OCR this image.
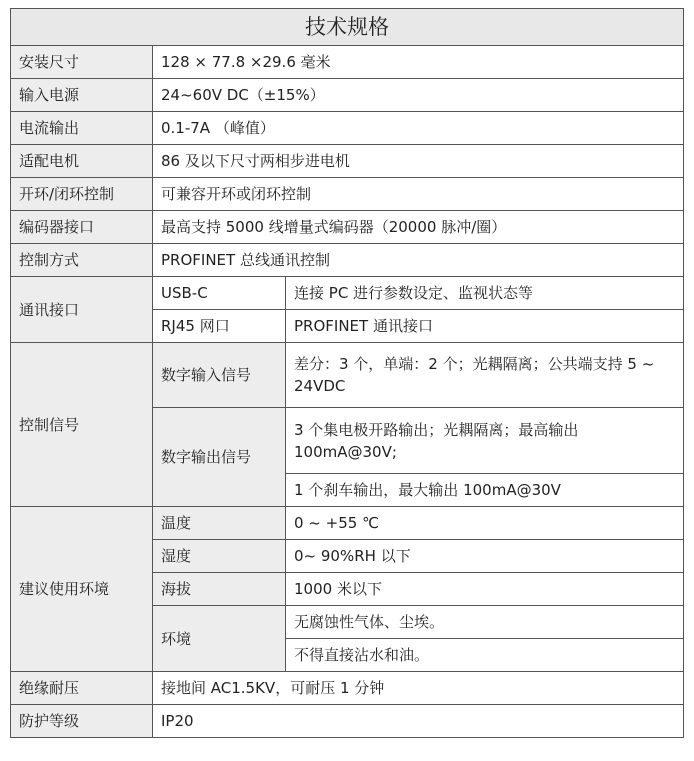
技术规格		
安装尺寸	128 × 77.8 ×29.6 毫米	
输入电源	24~60V DC（±15%）	
电流输出	0.1-7A （峰值）	
适配电机	86 及以下尺寸两相步进电机	
开环/闭环控制	可兼容开环或闭环控制	
编码器接口	最高支持 5000 线增量式编码器（20000 脉冲/圈）	
控制方式	PROFINET 总线通讯控制	
通讯接口	USB-C	连接 PC 进行参数设定、监视状态等
	RJ45 网口	PROFINET 通讯接口
控制信号	数字输入信号	差分：3 个，单端：2 个；光耦隔离；公共端支持 5 ~ 24VDC
	数字输出信号	3 个集电极开路输出；光耦隔离；最高输出 100mA@30V;
		1 个刹车输出，最大输出 100mA@30V
建议使用环境	温度	0 ~ +55 ℃
	湿度	0~ 90%RH 以下
	海拔	1000 米以下
	环境	无腐蚀性气体、尘埃。
		不得直接沾水和油。
绝缘耐压	接地间 AC1.5KV，可耐压 1 分钟	
防护等级	IP20	
